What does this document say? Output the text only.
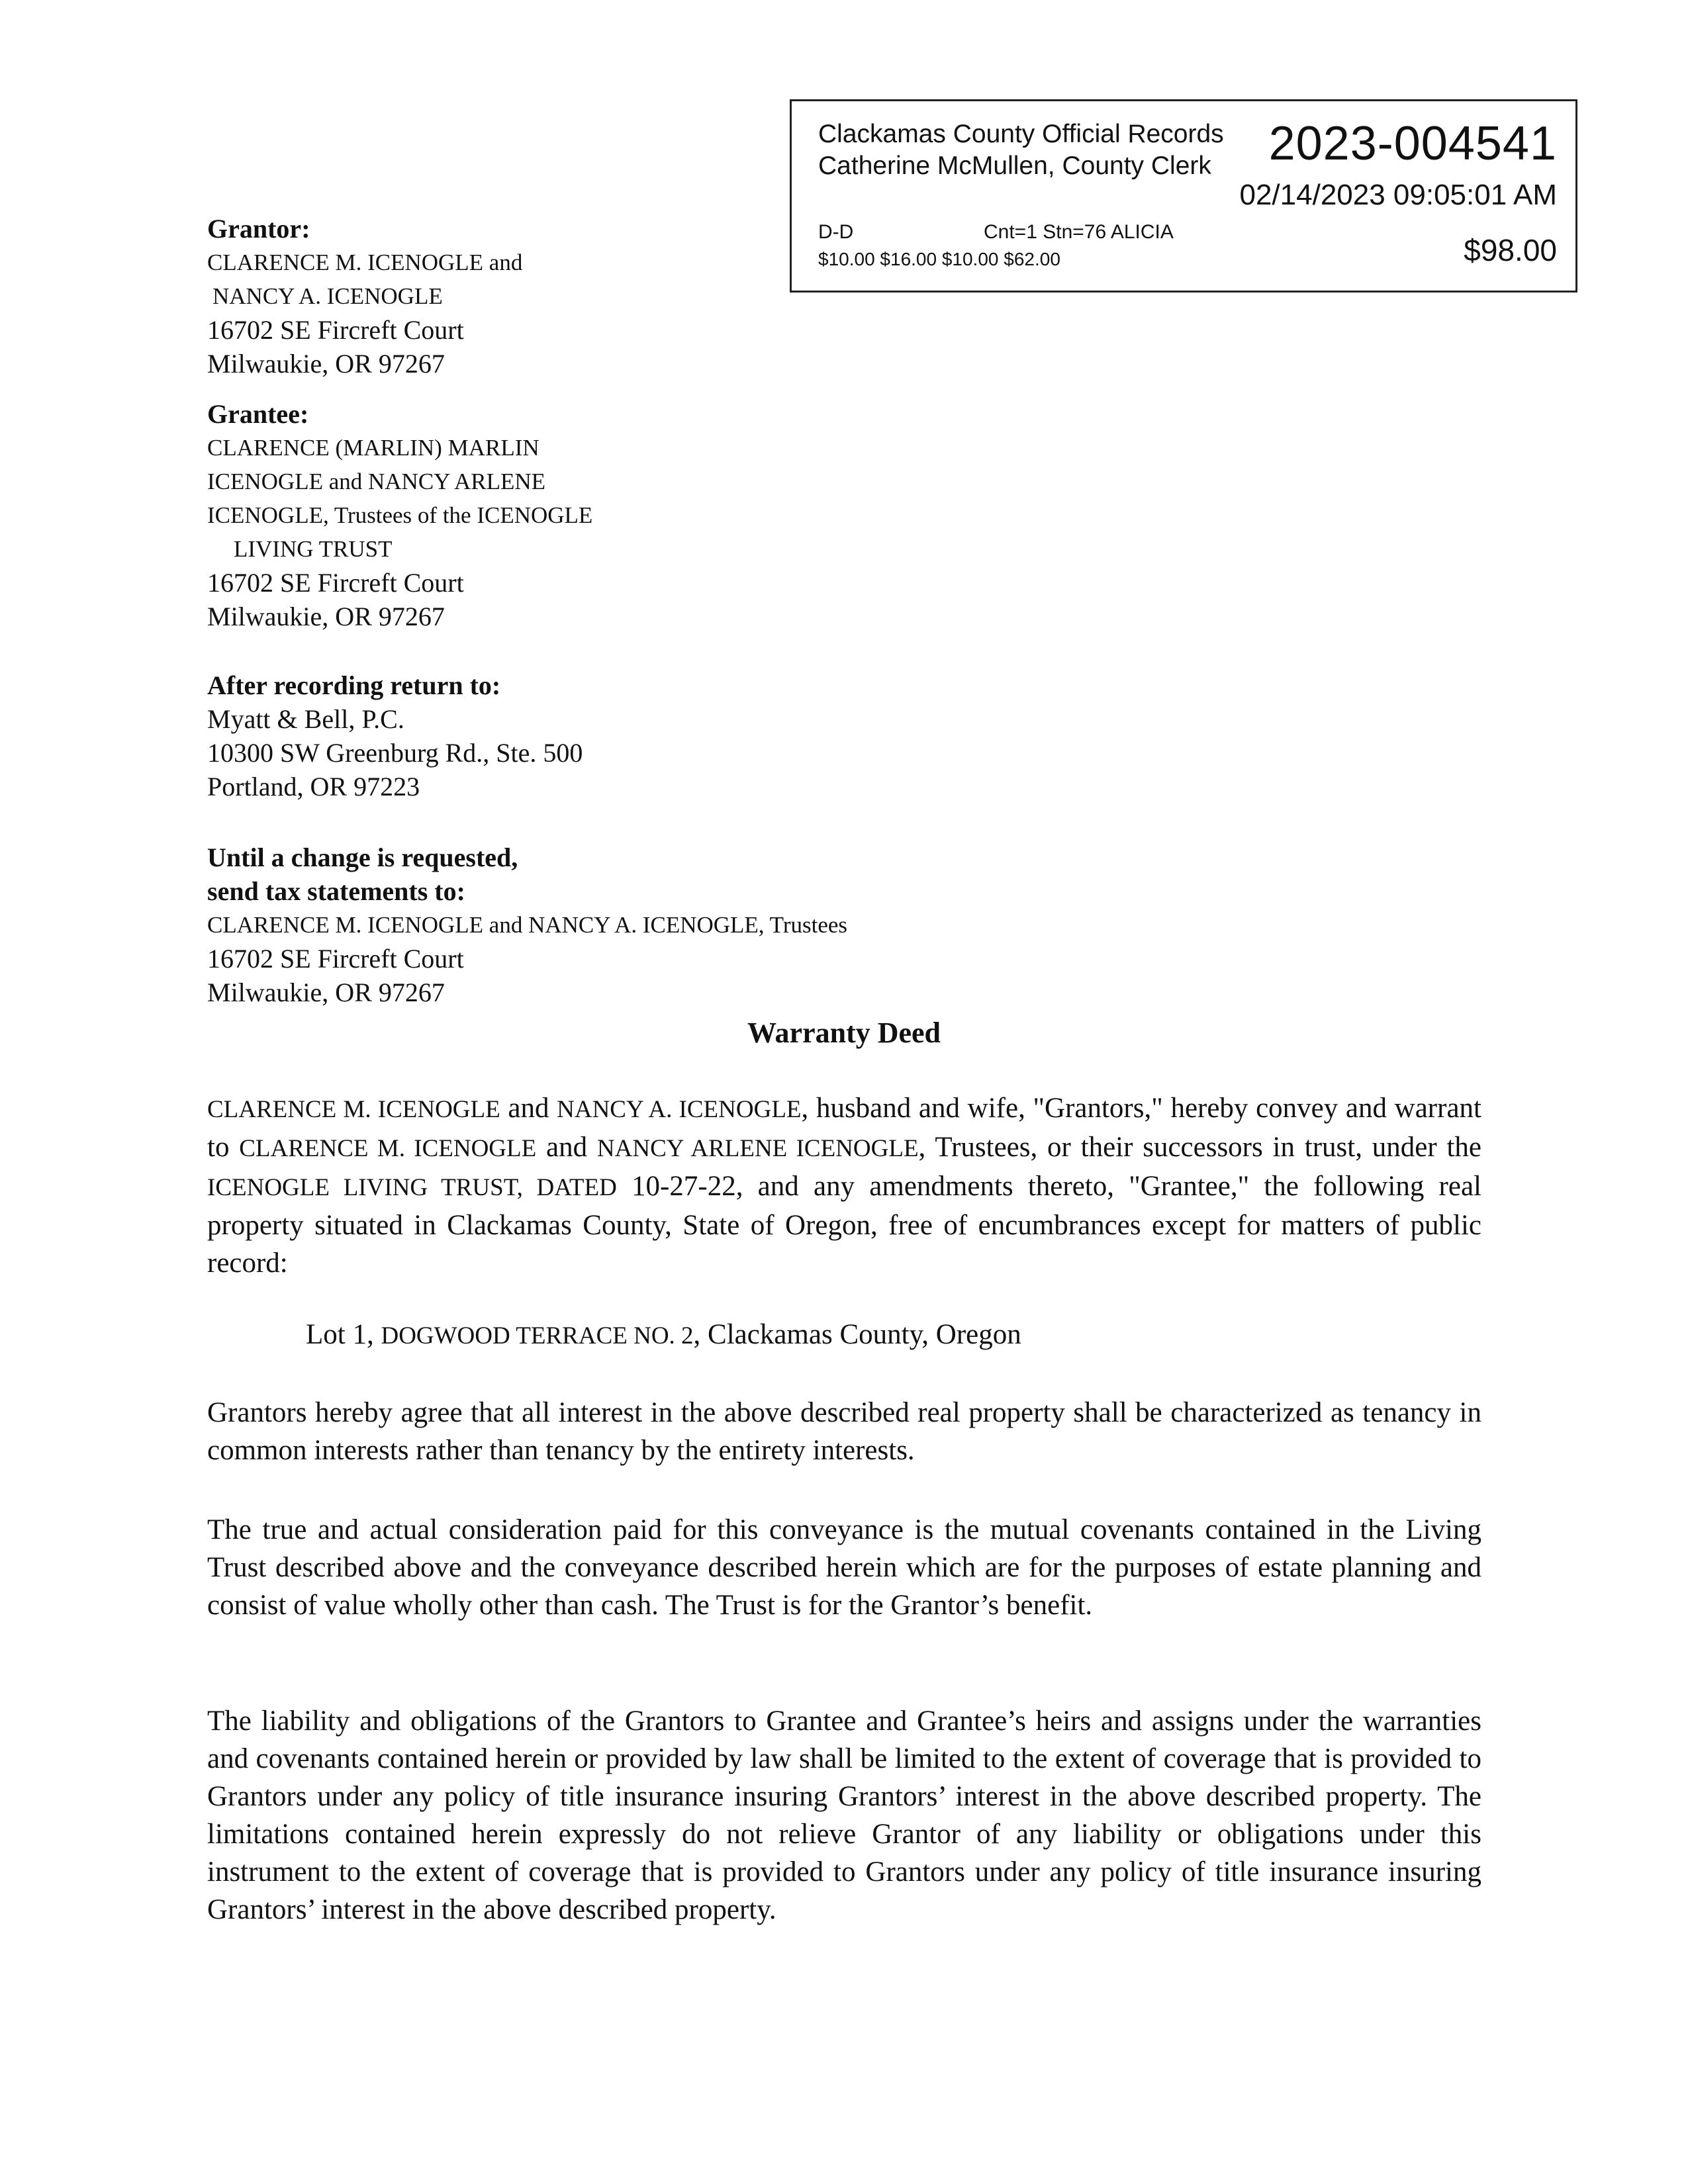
Clackamas County Official Records
Catherine McMullen, County Clerk 2023-004541
02/14/2023 09:05:01 AM
D-D	Cnt=1 Stn=76 ALICIA
$10.00 $16.00 $10.00 $62.00	$98.00
Grantor:
CLARENCE M. ICENOGLE and
NANCY A. ICENOGLE
16702 SE Fircreft Court
Milwaukie, OR 97267
Grantee:
CLARENCE (MARLIN) MARLIN
ICENOGLE and NANCY ARLENE
ICENOGLE, Trustees of the ICENOGLE
LIVING TRUST
16702 SE Fircreft Court
Milwaukie, OR 97267
After recording return to:
Myatt & Bell, P.C.
10300 SW Greenburg Rd., Ste. 500
Portland, OR 97223
Until a change is requested,
send tax statements to:
CLARENCE M. ICENOGLE and NANCY A. ICENOGLE, Trustees
16702 SE Fircreft Court
Milwaukie, OR 97267
Warranty Deed
CLARENCE M. ICENOGLE and NANCY A. ICENOGLE, husband and wife, "Grantors," hereby convey and warrant to CLARENCE M. ICENOGLE and NANCY ARLENE ICENOGLE, Trustees, or their successors in trust, under the ICENOGLE LIVING TRUST, DATED 10-27-22, and any amendments thereto, "Grantee," the following real property situated in Clackamas County, State of Oregon, free of encumbrances except for matters of public record:
Lot 1, DOGWOOD TERRACE NO. 2, Clackamas County, Oregon
Grantors hereby agree that all interest in the above described real property shall be characterized as tenancy in common interests rather than tenancy by the entirety interests.
The true and actual consideration paid for this conveyance is the mutual covenants contained in the Living Trust described above and the conveyance described herein which are for the purposes of estate planning and consist of value wholly other than cash. The Trust is for the Grantor’s benefit.
The liability and obligations of the Grantors to Grantee and Grantee’s heirs and assigns under the warranties and covenants contained herein or provided by law shall be limited to the extent of coverage that is provided to Grantors under any policy of title insurance insuring Grantors’ interest in the above described property. The limitations contained herein expressly do not relieve Grantor of any liability or obligations under this instrument to the extent of coverage that is provided to Grantors under any policy of title insurance insuring Grantors’ interest in the above described property.
